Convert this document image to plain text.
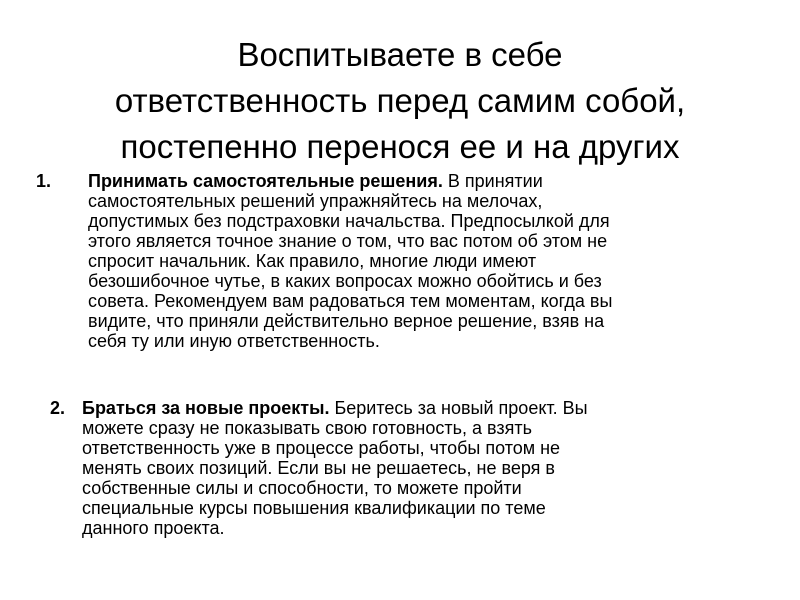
Воспитываете в себе
ответственность перед самим собой,
постепенно перенося ее и на других
1. Принимать самостоятельные решения. В принятии
самостоятельных решений упражняйтесь на мелочах,
допустимых без подстраховки начальства. Предпосылкой для
этого является точное знание о том, что вас потом об этом не
спросит начальник. Как правило, многие люди имеют
безошибочное чутье, в каких вопросах можно обойтись и без
совета. Рекомендуем вам радоваться тем моментам, когда вы
видите, что приняли действительно верное решение, взяв на
себя ту или иную ответственность.
2. Браться за новые проекты. Беритесь за новый проект. Вы
можете сразу не показывать свою готовность, а взять
ответственность уже в процессе работы, чтобы потом не
менять своих позиций. Если вы не решаетесь, не веря в
собственные силы и способности, то можете пройти
специальные курсы повышения квалификации по теме
данного проекта.
